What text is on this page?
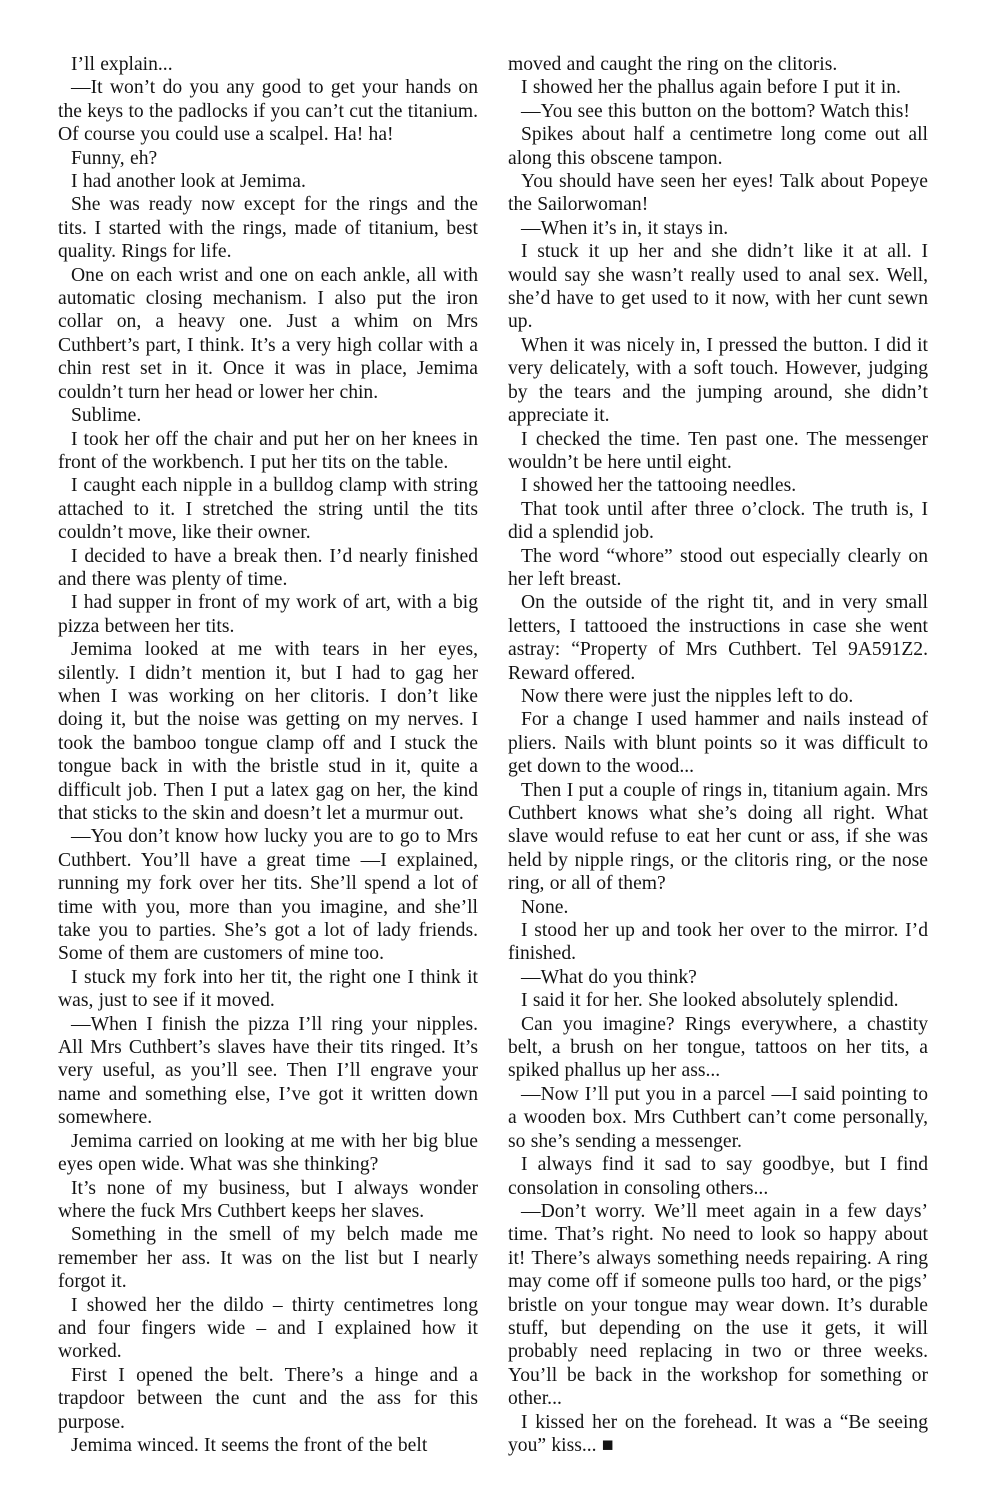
I’ll explain...

—It won’t do you any good to get your hands on the keys to the padlocks if you can’t cut the titanium. Of course you could use a scalpel. Ha! ha!

Funny, eh?

I had another look at Jemima.

She was ready now except for the rings and the tits. I started with the rings, made of titanium, best quality. Rings for life.

One on each wrist and one on each ankle, all with automatic closing mechanism. I also put the iron collar on, a heavy one. Just a whim on Mrs Cuthbert’s part, I think. It’s a very high collar with a chin rest set in it. Once it was in place, Jemima couldn’t turn her head or lower her chin.

Sublime.

I took her off the chair and put her on her knees in front of the workbench. I put her tits on the table.

I caught each nipple in a bulldog clamp with string attached to it. I stretched the string until the tits couldn’t move, like their owner.

I decided to have a break then. I’d nearly finished and there was plenty of time.

I had supper in front of my work of art, with a big pizza between her tits.

Jemima looked at me with tears in her eyes, silently. I didn’t mention it, but I had to gag her when I was working on her clitoris. I don’t like doing it, but the noise was getting on my nerves. I took the bamboo tongue clamp off and I stuck the tongue back in with the bristle stud in it, quite a difficult job. Then I put a latex gag on her, the kind that sticks to the skin and doesn’t let a murmur out.

—You don’t know how lucky you are to go to Mrs Cuthbert. You’ll have a great time —I explained, running my fork over her tits. She’ll spend a lot of time with you, more than you imagine, and she’ll take you to parties. She’s got a lot of lady friends. Some of them are customers of mine too.

I stuck my fork into her tit, the right one I think it was, just to see if it moved.

—When I finish the pizza I’ll ring your nipples. All Mrs Cuthbert’s slaves have their tits ringed. It’s very useful, as you’ll see. Then I’ll engrave your name and something else, I’ve got it written down somewhere.

Jemima carried on looking at me with her big blue eyes open wide. What was she thinking?

It’s none of my business, but I always wonder where the fuck Mrs Cuthbert keeps her slaves.

Something in the smell of my belch made me remember her ass. It was on the list but I nearly forgot it.

I showed her the dildo – thirty centimetres long and four fingers wide – and I explained how it worked.

First I opened the belt. There’s a hinge and a trapdoor between the cunt and the ass for this purpose.

Jemima winced. It seems the front of the belt

moved and caught the ring on the clitoris.

I showed her the phallus again before I put it in.

—You see this button on the bottom? Watch this!

Spikes about half a centimetre long come out all along this obscene tampon.

You should have seen her eyes! Talk about Popeye the Sailorwoman!

—When it’s in, it stays in.

I stuck it up her and she didn’t like it at all. I would say she wasn’t really used to anal sex. Well, she’d have to get used to it now, with her cunt sewn up.

When it was nicely in, I pressed the button. I did it very delicately, with a soft touch. However, judging by the tears and the jumping around, she didn’t appreciate it.

I checked the time. Ten past one. The messenger wouldn’t be here until eight.

I showed her the tattooing needles.

That took until after three o’clock. The truth is, I did a splendid job.

The word “whore” stood out especially clearly on her left breast.

On the outside of the right tit, and in very small letters, I tattooed the instructions in case she went astray: “Property of Mrs Cuthbert. Tel 9A591Z2. Reward offered.

Now there were just the nipples left to do.

For a change I used hammer and nails instead of pliers. Nails with blunt points so it was difficult to get down to the wood...

Then I put a couple of rings in, titanium again. Mrs Cuthbert knows what she’s doing all right. What slave would refuse to eat her cunt or ass, if she was held by nipple rings, or the clitoris ring, or the nose ring, or all of them?

None.

I stood her up and took her over to the mirror. I’d finished.

—What do you think?

I said it for her. She looked absolutely splendid.

Can you imagine? Rings everywhere, a chastity belt, a brush on her tongue, tattoos on her tits, a spiked phallus up her ass...

—Now I’ll put you in a parcel —I said pointing to a wooden box. Mrs Cuthbert can’t come personally, so she’s sending a messenger.

I always find it sad to say goodbye, but I find consolation in consoling others...

—Don’t worry. We’ll meet again in a few days’ time. That’s right. No need to look so happy about it! There’s always something needs repairing. A ring may come off if someone pulls too hard, or the pigs’ bristle on your tongue may wear down. It’s durable stuff, but depending on the use it gets, it will probably need replacing in two or three weeks. You’ll be back in the workshop for something or other...

I kissed her on the forehead. It was a “Be seeing you” kiss... ■
